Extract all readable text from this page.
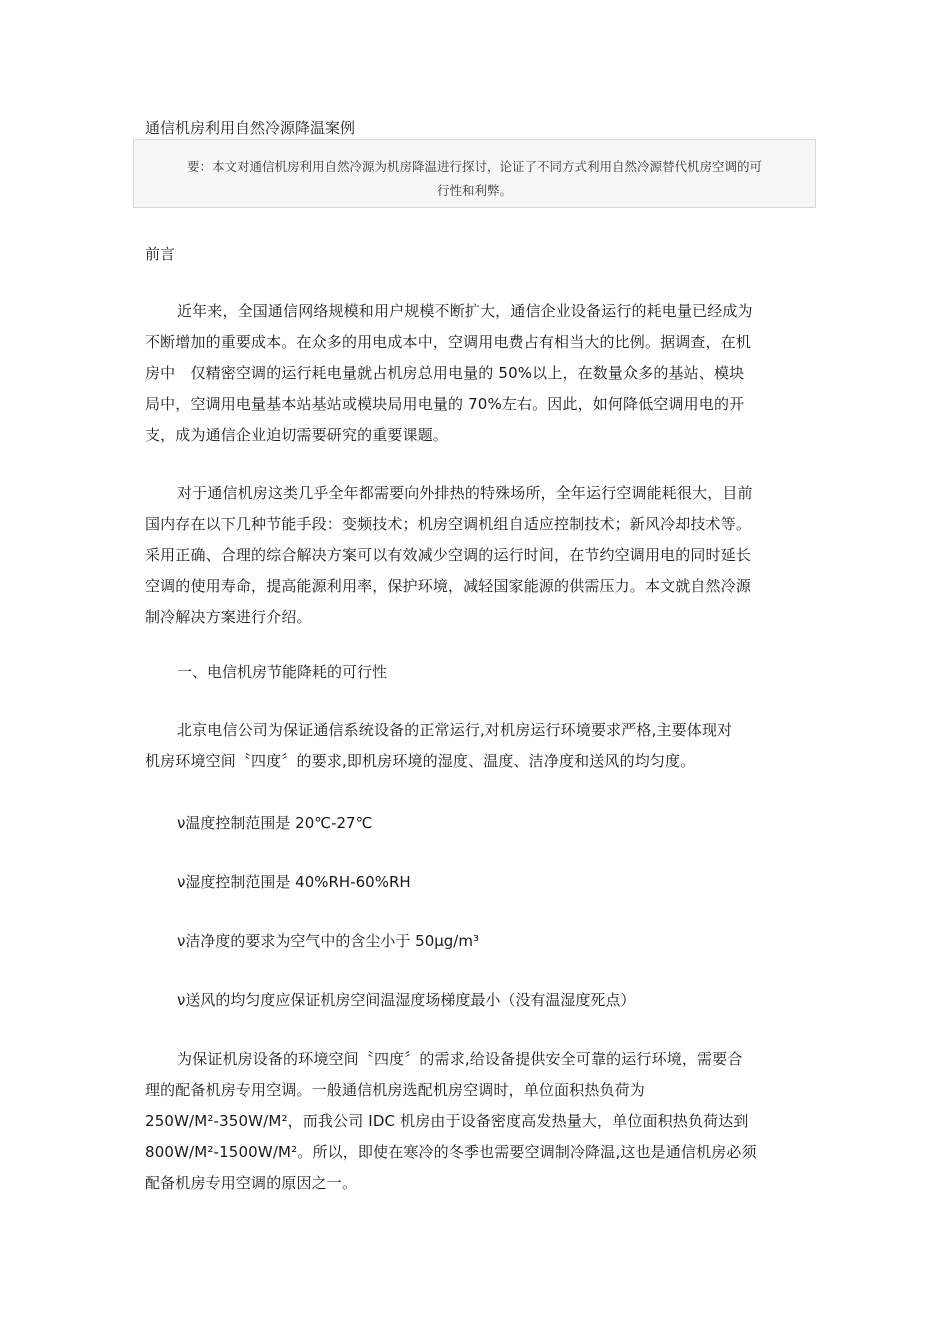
通信机房利用自然冷源降温案例
要：本文对通信机房利用自然冷源为机房降温进行探讨，论证了不同方式利用自然冷源替代机房空调的可
行性和利弊。
前言
近年来，全国通信网络规模和用户规模不断扩大，通信企业设备运行的耗电量已经成为
不断增加的重要成本。在众多的用电成本中，空调用电费占有相当大的比例。据调查，在机
房中　仅精密空调的运行耗电量就占机房总用电量的 50%以上，在数量众多的基站、模块
局中，空调用电量基本站基站或模块局用电量的 70%左右。因此，如何降低空调用电的开
支，成为通信企业迫切需要研究的重要课题。
对于通信机房这类几乎全年都需要向外排热的特殊场所，全年运行空调能耗很大，目前
国内存在以下几种节能手段：变频技术；机房空调机组自适应控制技术；新风冷却技术等。
采用正确、合理的综合解决方案可以有效减少空调的运行时间，在节约空调用电的同时延长
空调的使用寿命，提高能源利用率，保护环境，减轻国家能源的供需压力。本文就自然冷源
制冷解决方案进行介绍。
一、电信机房节能降耗的可行性
北京电信公司为保证通信系统设备的正常运行,对机房运行环境要求严格,主要体现对
机房环境空间〝四度〞的要求,即机房环境的湿度、温度、洁净度和送风的均匀度。
ν温度控制范围是 20℃-27℃
ν湿度控制范围是 40%RH-60%RH
ν洁净度的要求为空气中的含尘小于 50μg/m³
ν送风的均匀度应保证机房空间温湿度场梯度最小（没有温湿度死点）
为保证机房设备的环境空间〝四度〞的需求,给设备提供安全可靠的运行环境，需要合
理的配备机房专用空调。一般通信机房选配机房空调时，单位面积热负荷为
250W/M²-350W/M²，而我公司 IDC 机房由于设备密度高发热量大，单位面积热负荷达到
800W/M²-1500W/M²。所以，即使在寒冷的冬季也需要空调制冷降温,这也是通信机房必须
配备机房专用空调的原因之一。
